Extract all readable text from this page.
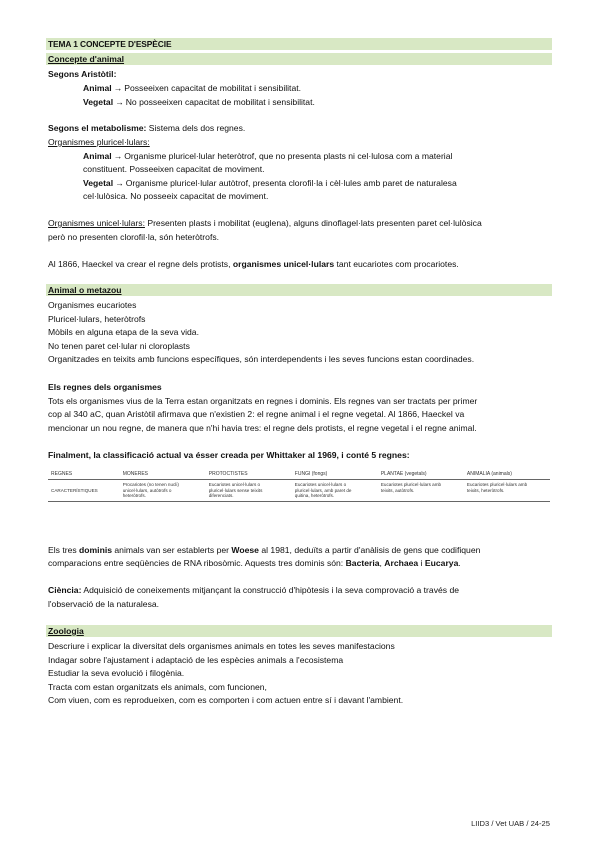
TEMA 1 CONCEPTE D'ESPÈCIE
Concepte d'animal
Segons Aristòtil:
Animal → Posseeixen capacitat de mobilitat i sensibilitat.
Vegetal → No posseeixen capacitat de mobilitat i sensibilitat.
Segons el metabolisme: Sistema dels dos regnes.
Organismes pluricel·lulars:
Animal → Organisme pluricel·lular heteròtrof, que no presenta plasts ni cel·lulosa com a material
constituent. Posseeixen capacitat de moviment.
Vegetal → Organisme pluricel·lular autòtrof, presenta clorofil·la i cèl·lules amb paret de naturalesa
cel·lulòsica. No posseeix capacitat de moviment.
Organismes unicel·lulars: Presenten plasts i mobilitat (euglena), alguns dinoflagel·lats presenten paret cel·lulòsica
però no presenten clorofil·la, són heteròtrofs.
Al 1866, Haeckel va crear el regne dels protists, organismes unicel·lulars tant eucariotes com procariotes.
Animal o metazou
Organismes eucariotes
Pluricel·lulars, heteròtrofs
Mòbils en alguna etapa de la seva vida.
No tenen paret cel·lular ni cloroplasts
Organitzades en teixits amb funcions específiques, són interdependents i les seves funcions estan coordinades.
Els regnes dels organismes
Tots els organismes vius de la Terra estan organitzats en regnes i dominis. Els regnes van ser tractats per primer
cop al 340 aC, quan Aristòtil afirmava que n'existien 2: el regne animal i el regne vegetal. Al 1866, Haeckel va
mencionar un nou regne, de manera que n'hi havia tres: el regne dels protists, el regne vegetal i el regne animal.
Finalment, la classificació actual va ésser creada per Whittaker al 1969, i conté 5 regnes:
REGNES	MONERES	PROTOCTISTES	FUNGI (fongs)	PLANTAE (vegetals)	ANIMALIA (animals)

CARACTERÍSTIQUES	Procariotes (no tenen nucli) unicel·lulars, autòtrofs o heteròtrofs.	Eucariotes unicel·lulars o pluricel·lulars sense teixits diferenciats.	Eucariotes unicel·lulars o pluricel·lulars, amb paret de quitina, heteròtrofs.	Eucariotes pluricel·lulars amb teixits, autòtrofs.	Eucariotes pluricel·lulars amb teixits, heteròtrofs.
Els tres dominis animals van ser establerts per Woese al 1981, deduïts a partir d'anàlisis de gens que codifiquen
comparacions entre seqüències de RNA ribosòmic. Aquests tres dominis són: Bacteria, Archaea i Eucarya.
Ciència: Adquisició de coneixements mitjançant la construcció d'hipòtesis i la seva comprovació a través de
l'observació de la naturalesa.
Zoologia
Descriure i explicar la diversitat dels organismes animals en totes les seves manifestacions
Indagar sobre l'ajustament i adaptació de les espècies animals a l'ecosistema
Estudiar la seva evolució i filogènia.
Tracta com estan organitzats els animals, com funcionen,
Com viuen, com es reprodueixen, com es comporten i com actuen entre sí i davant l'ambient.
LIID3 / Vet UAB / 24-25
